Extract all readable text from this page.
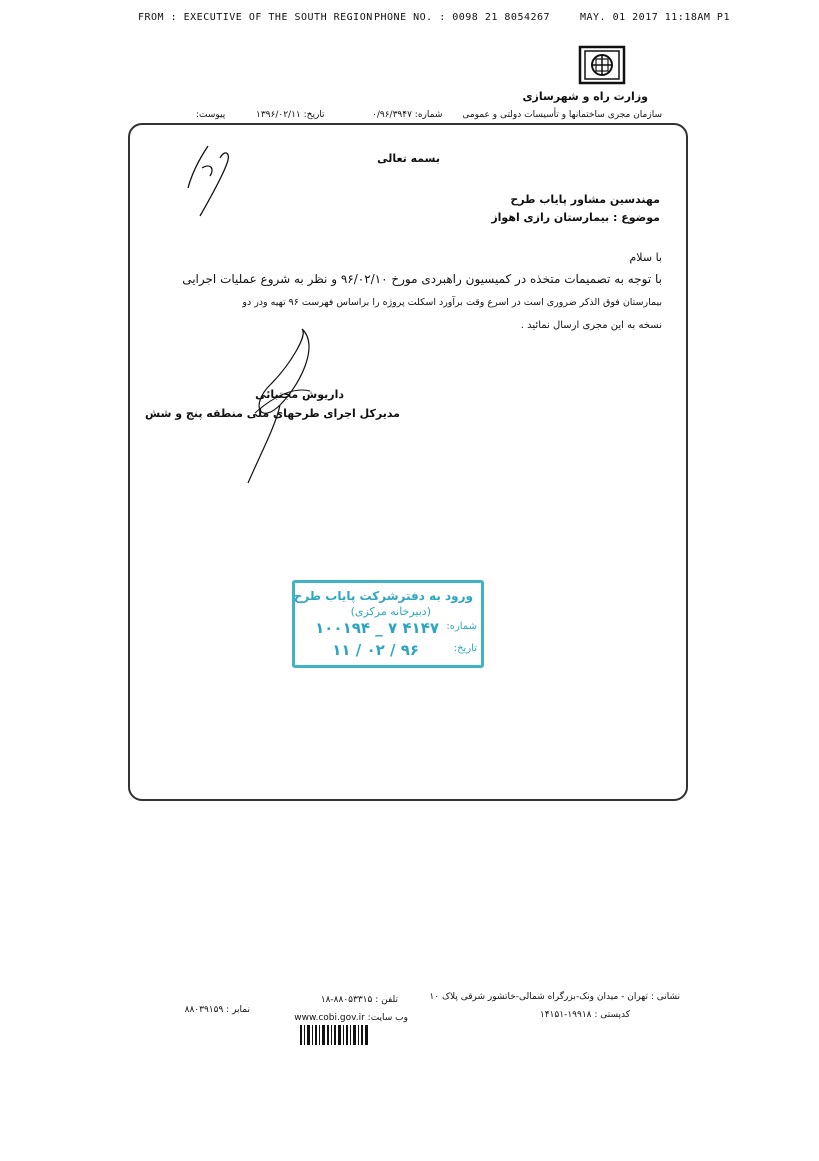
FROM : EXECUTIVE OF THE SOUTH REGION PHONE NO. : 0098 21 8054267	MAY. 01 2017 11:18AM P1
وزارت راه و شهرسازی
سازمان مجری ساختمانها و تأسیسات دولتی و عمومی
شماره: ۰/۹۶/۳۹۴۷
تاریخ: ۱۳۹۶/۰۲/۱۱
پیوست:
بسمه تعالی
مهندسین مشاور پایاب طرح
موضوع : بیمارستان رازی اهواز
با سلام
با توجه به تصمیمات متخذه در کمیسیون راهبردی مورخ ۹۶/۰۲/۱۰ و نظر به شروع عملیات اجرایی
بیمارستان فوق الذکر ضروری است در اسرع وقت برآورد اسکلت پروژه را براساس فهرست ۹۶ تهیه ودر دو
نسخه به این مجری ارسال نمائید .
داریوش مجتبائی
مدیرکل اجرای طرحهای ملی منطقه پنج و شش
ورود به دفترشرکت پایاب طرح
(دبیرخانه مرکزی)
شماره:
۱۰۰۱۹۴ _ ۷ ۴۱۴۷
تاریخ:
۹۶ / ۰۲ / ۱۱
نشانی : تهران - میدان ونک-بزرگراه شمالی-خاتشور شرقی پلاک ۱۰
کدپستی : ۱۹۹۱۸-۱۴۱۵۱
تلفن : ۸۸۰۵۳۳۱۵-۱۸
وب سایت: www.cobi.gov.ir
نمابر : ۸۸۰۳۹۱۵۹
